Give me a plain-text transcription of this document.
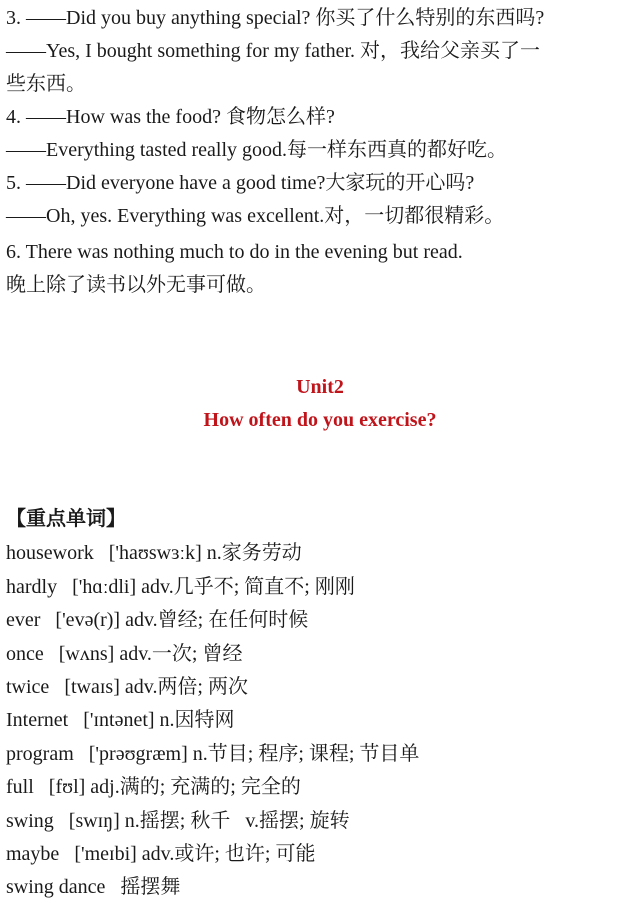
3. ——Did you buy anything special? 你买了什么特别的东西吗?
——Yes, I bought something for my father. 对，我给父亲买了一
些东西。
4. ——How was the food? 食物怎么样?
——Everything tasted really good.每一样东西真的都好吃。
5. ——Did everyone have a good time?大家玩的开心吗?
——Oh, yes. Everything was excellent.对，一切都很精彩。
6. There was nothing much to do in the evening but read.
晚上除了读书以外无事可做。
Unit2
How often do you exercise?
【重点单词】
housework ['haʊswɜːk] n.家务劳动
hardly ['hɑːdli] adv.几乎不; 简直不; 刚刚
ever ['evə(r)] adv.曾经; 在任何时候
once [wʌns] adv.一次; 曾经
twice [twaɪs] adv.两倍; 两次
Internet ['ɪntənet] n.因特网
program ['prəʊgræm] n.节目; 程序; 课程; 节目单
full [fʊl] adj.满的; 充满的; 完全的
swing [swɪŋ] n.摇摆; 秋千   v.摇摆; 旋转
maybe ['meɪbi] adv.或许; 也许; 可能
swing dance 摇摆舞
